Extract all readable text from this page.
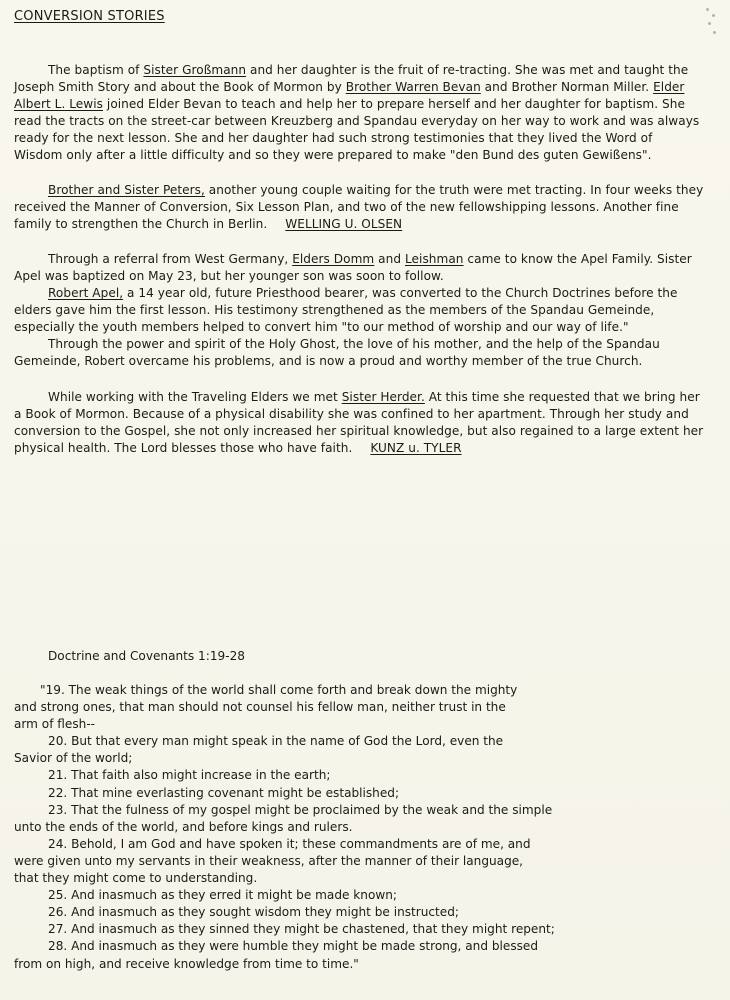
CONVERSION STORIES

The baptism of Sister Großmann and her daughter is the fruit of re-tracting. She was met and taught the Joseph Smith Story and about the Book of Mormon by Brother Warren Bevan and Brother Norman Miller. Elder Albert L. Lewis joined Elder Bevan to teach and help her to prepare herself and her daughter for baptism. She read the tracts on the street-car between Kreuzberg and Spandau everyday on her way to work and was always ready for the next lesson. She and her daughter had such strong testimonies that they lived the Word of Wisdom only after a little difficulty and so they were prepared to make "den Bund des guten Gewißens".

Brother and Sister Peters, another young couple waiting for the truth were met tracting. In four weeks they received the Manner of Conversion, Six Lesson Plan, and two of the new fellowshipping lessons. Another fine family to strengthen the Church in Berlin. WELLING U. OLSEN

Through a referral from West Germany, Elders Domm and Leishman came to know the Apel Family. Sister Apel was baptized on May 23, but her younger son was soon to follow.

Robert Apel, a 14 year old, future Priesthood bearer, was converted to the Church Doctrines before the elders gave him the first lesson. His testimony strengthened as the members of the Spandau Gemeinde, especially the youth members helped to convert him "to our method of worship and our way of life."

Through the power and spirit of the Holy Ghost, the love of his mother, and the help of the Spandau Gemeinde, Robert overcame his problems, and is now a proud and worthy member of the true Church.

While working with the Traveling Elders we met Sister Herder. At this time she requested that we bring her a Book of Mormon. Because of a physical disability she was confined to her apartment. Through her study and conversion to the Gospel, she not only increased her spiritual knowledge, but also regained to a large extent her physical health. The Lord blesses those who have faith. KUNZ u. TYLER

Doctrine and Covenants 1:19-28

"19. The weak things of the world shall come forth and break down the mighty

and strong ones, that man should not counsel his fellow man, neither trust in the

arm of flesh--

20. But that every man might speak in the name of God the Lord, even the

Savior of the world;

21. That faith also might increase in the earth;

22. That mine everlasting covenant might be established;

23. That the fulness of my gospel might be proclaimed by the weak and the simple

unto the ends of the world, and before kings and rulers.

24. Behold, I am God and have spoken it; these commandments are of me, and

were given unto my servants in their weakness, after the manner of their language,

that they might come to understanding.

25. And inasmuch as they erred it might be made known;

26. And inasmuch as they sought wisdom they might be instructed;

27. And inasmuch as they sinned they might be chastened, that they might repent;

28. And inasmuch as they were humble they might be made strong, and blessed

from on high, and receive knowledge from time to time."
